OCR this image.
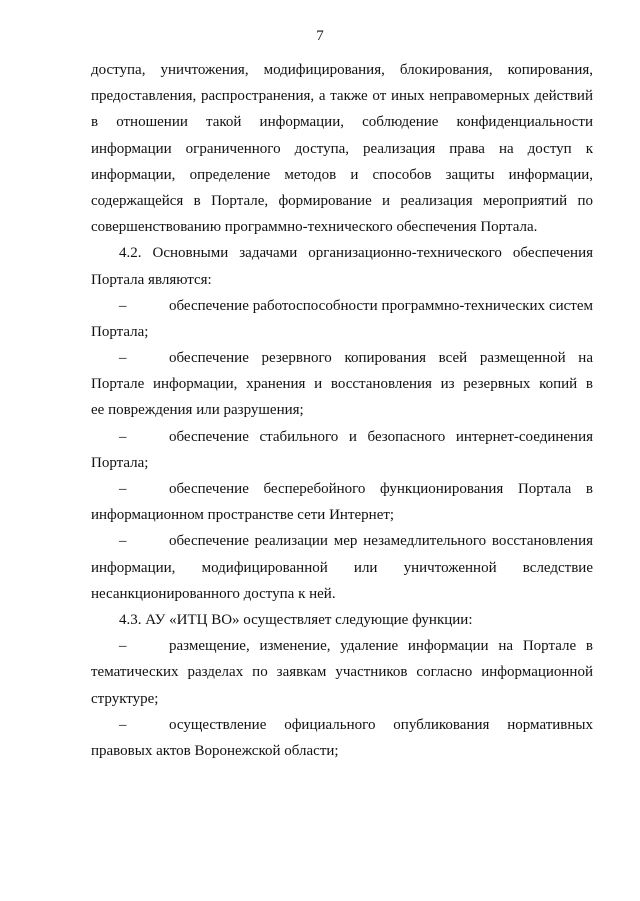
7
доступа, уничтожения, модифицирования, блокирования, копирования,
предоставления, распространения, а также от иных неправомерных действий
в отношении такой информации, соблюдение конфиденциальности
информации ограниченного доступа, реализация права на доступ к
информации, определение методов и способов защиты информации,
содержащейся в Портале, формирование и реализация мероприятий по
совершенствованию программно-технического обеспечения Портала.
4.2. Основными задачами организационно-технического обеспечения
Портала являются:
–	обеспечение работоспособности программно-технических систем
Портала;
–	обеспечение резервного копирования всей размещенной на
Портале информации, хранения и восстановления из резервных копий в
ее повреждения или разрушения;
–	обеспечение стабильного и безопасного интернет-соединения
Портала;
–	обеспечение бесперебойного функционирования Портала в
информационном пространстве сети Интернет;
–	обеспечение реализации мер незамедлительного восстановления
информации, модифицированной или уничтоженной вследствие
несанкционированного доступа к ней.
4.3. АУ «ИТЦ ВО» осуществляет следующие функции:
–	размещение, изменение, удаление информации на Портале в
тематических разделах по заявкам участников согласно информационной
структуре;
–	осуществление официального опубликования нормативных
правовых актов Воронежской области;
